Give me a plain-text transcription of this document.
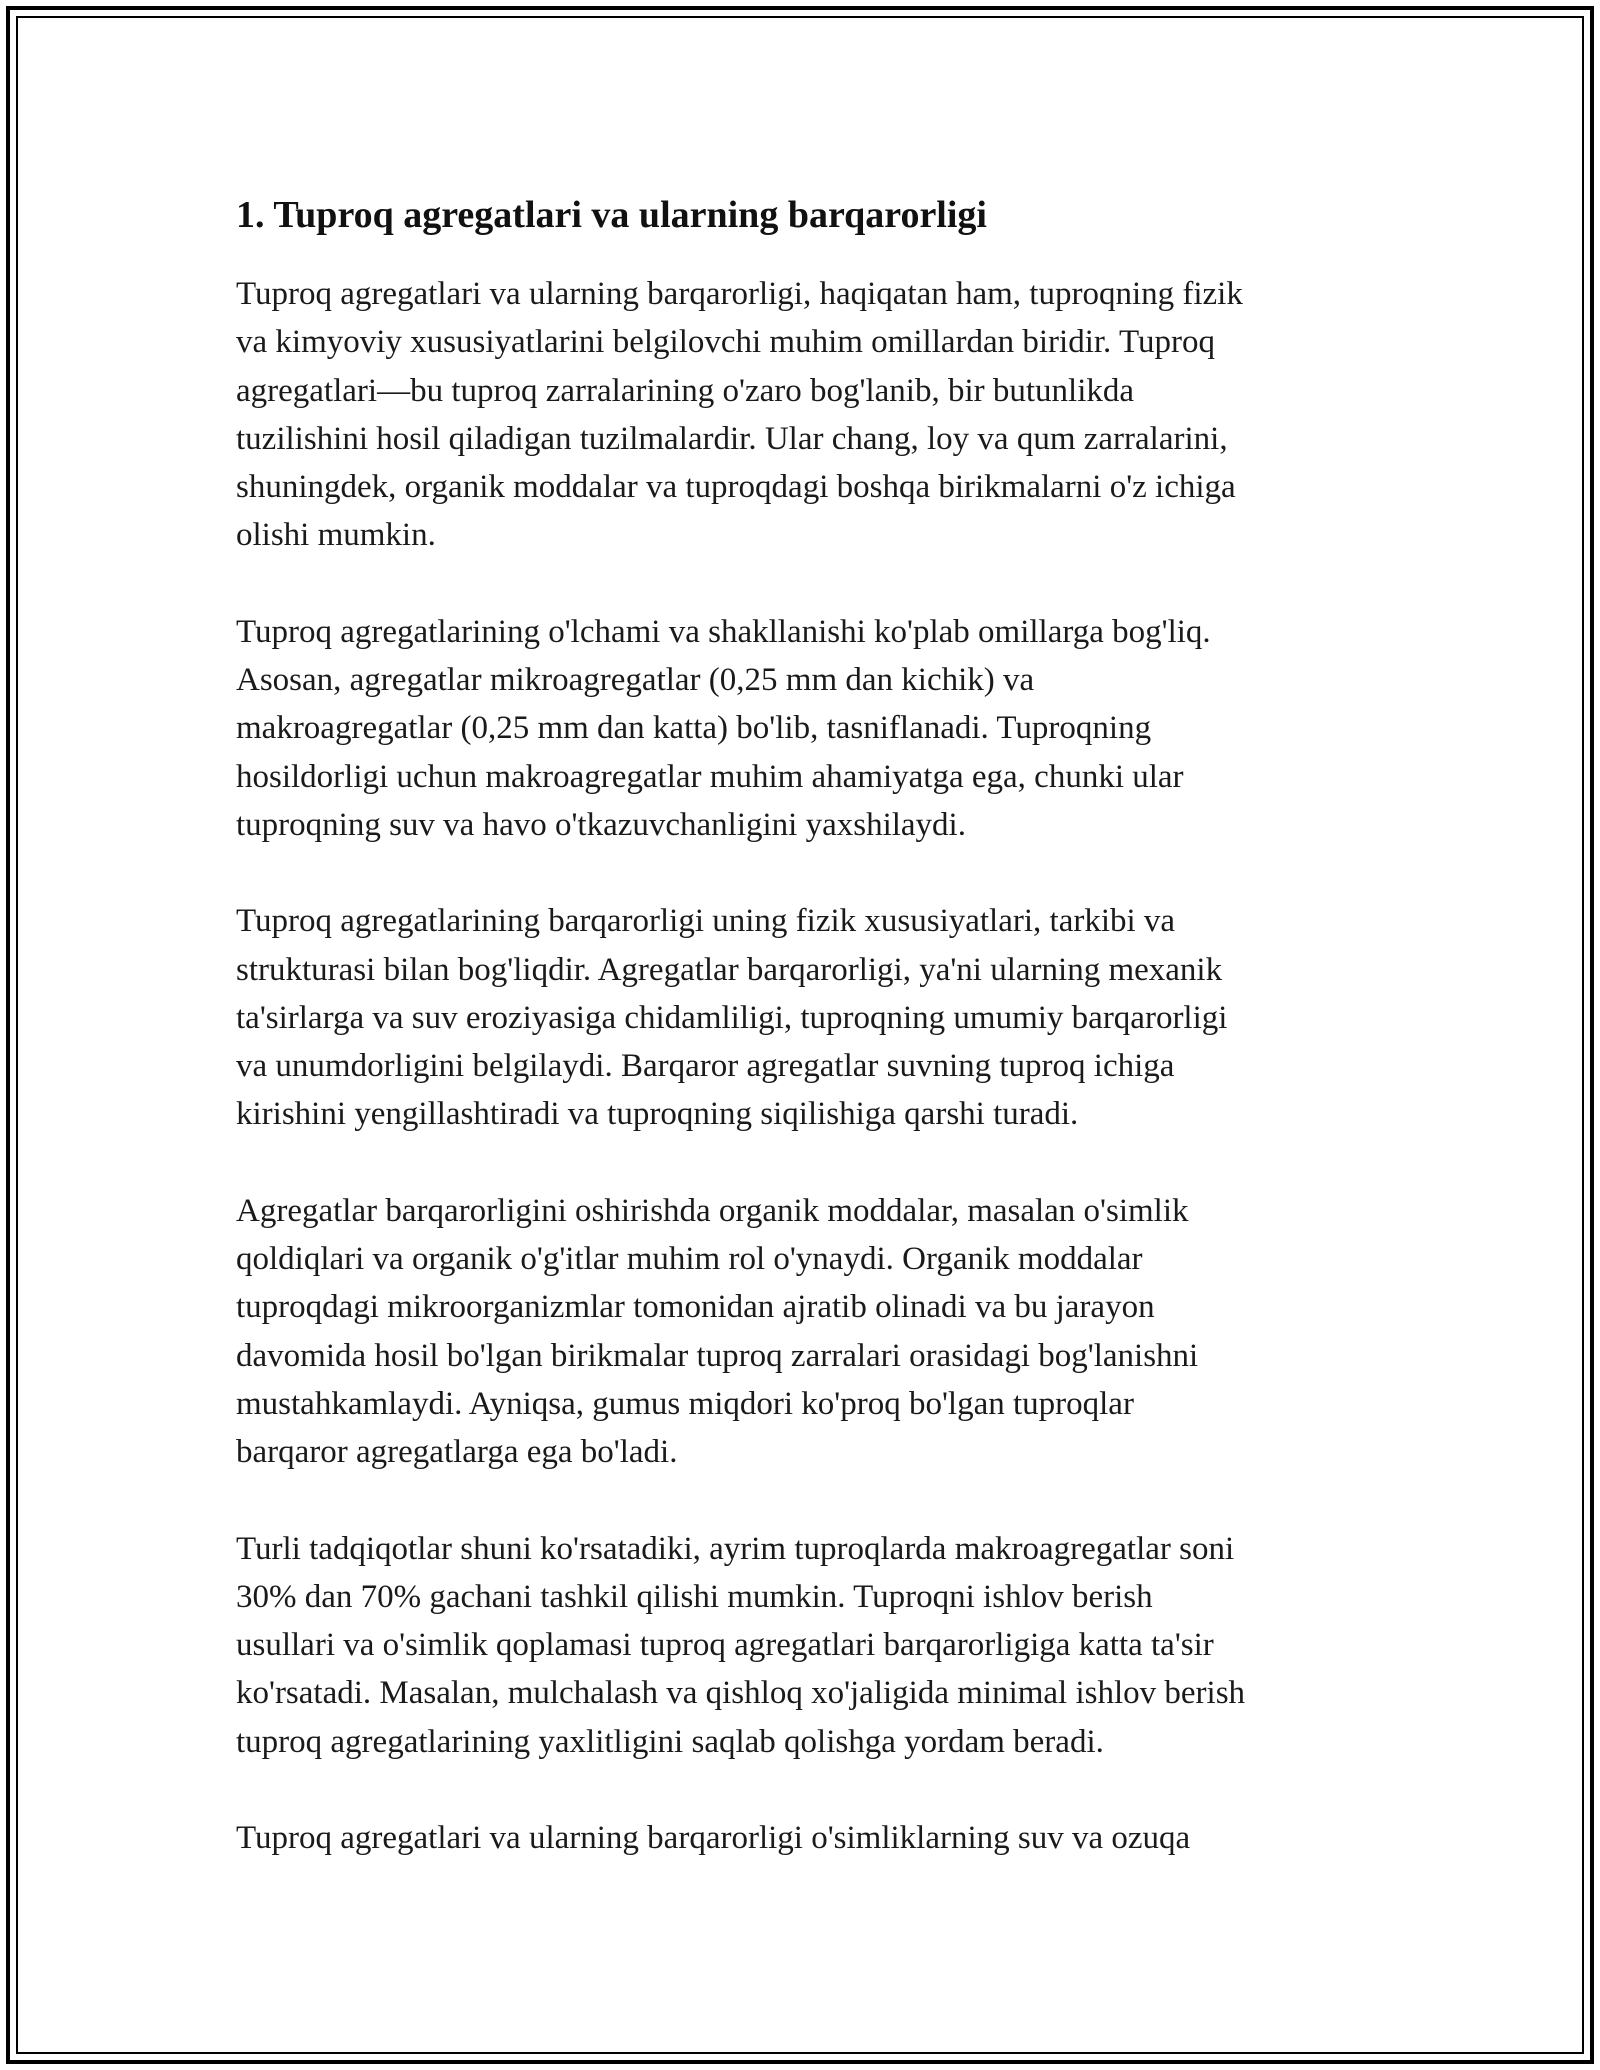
1. Tuproq agregatlari va ularning barqarorligi

Tuproq agregatlari va ularning barqarorligi, haqiqatan ham, tuproqning fizik
va kimyoviy xususiyatlarini belgilovchi muhim omillardan biridir. Tuproq
agregatlari—bu tuproq zarralarining o'zaro bog'lanib, bir butunlikda
tuzilishini hosil qiladigan tuzilmalardir. Ular chang, loy va qum zarralarini,
shuningdek, organik moddalar va tuproqdagi boshqa birikmalarni o'z ichiga
olishi mumkin.

Tuproq agregatlarining o'lchami va shakllanishi ko'plab omillarga bog'liq.
Asosan, agregatlar mikroagregatlar (0,25 mm dan kichik) va
makroagregatlar (0,25 mm dan katta) bo'lib, tasniflanadi. Tuproqning
hosildorligi uchun makroagregatlar muhim ahamiyatga ega, chunki ular
tuproqning suv va havo o'tkazuvchanligini yaxshilaydi.

Tuproq agregatlarining barqarorligi uning fizik xususiyatlari, tarkibi va
strukturasi bilan bog'liqdir. Agregatlar barqarorligi, ya'ni ularning mexanik
ta'sirlarga va suv eroziyasiga chidamliligi, tuproqning umumiy barqarorligi
va unumdorligini belgilaydi. Barqaror agregatlar suvning tuproq ichiga
kirishini yengillashtiradi va tuproqning siqilishiga qarshi turadi.

Agregatlar barqarorligini oshirishda organik moddalar, masalan o'simlik
qoldiqlari va organik o'g'itlar muhim rol o'ynaydi. Organik moddalar
tuproqdagi mikroorganizmlar tomonidan ajratib olinadi va bu jarayon
davomida hosil bo'lgan birikmalar tuproq zarralari orasidagi bog'lanishni
mustahkamlaydi. Ayniqsa, gumus miqdori ko'proq bo'lgan tuproqlar
barqaror agregatlarga ega bo'ladi.

Turli tadqiqotlar shuni ko'rsatadiki, ayrim tuproqlarda makroagregatlar soni
30% dan 70% gachani tashkil qilishi mumkin. Tuproqni ishlov berish
usullari va o'simlik qoplamasi tuproq agregatlari barqarorligiga katta ta'sir
ko'rsatadi. Masalan, mulchalash va qishloq xo'jaligida minimal ishlov berish
tuproq agregatlarining yaxlitligini saqlab qolishga yordam beradi.

Tuproq agregatlari va ularning barqarorligi o'simliklarning suv va ozuqa
